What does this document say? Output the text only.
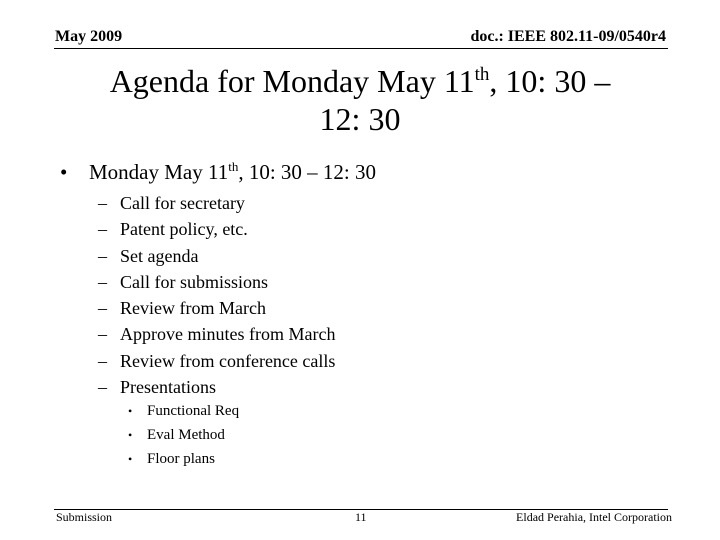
May 2009	doc.: IEEE 802.11-09/0540r4
Agenda for Monday May 11th, 10: 30 –
12: 30
• Monday May 11th, 10: 30 – 12: 30
– Call for secretary
– Patent policy, etc.
– Set agenda
– Call for submissions
– Review from March
– Approve minutes from March
– Review from conference calls
– Presentations
• Functional Req
• Eval Method
• Floor plans
Submission	11	Eldad Perahia, Intel Corporation
